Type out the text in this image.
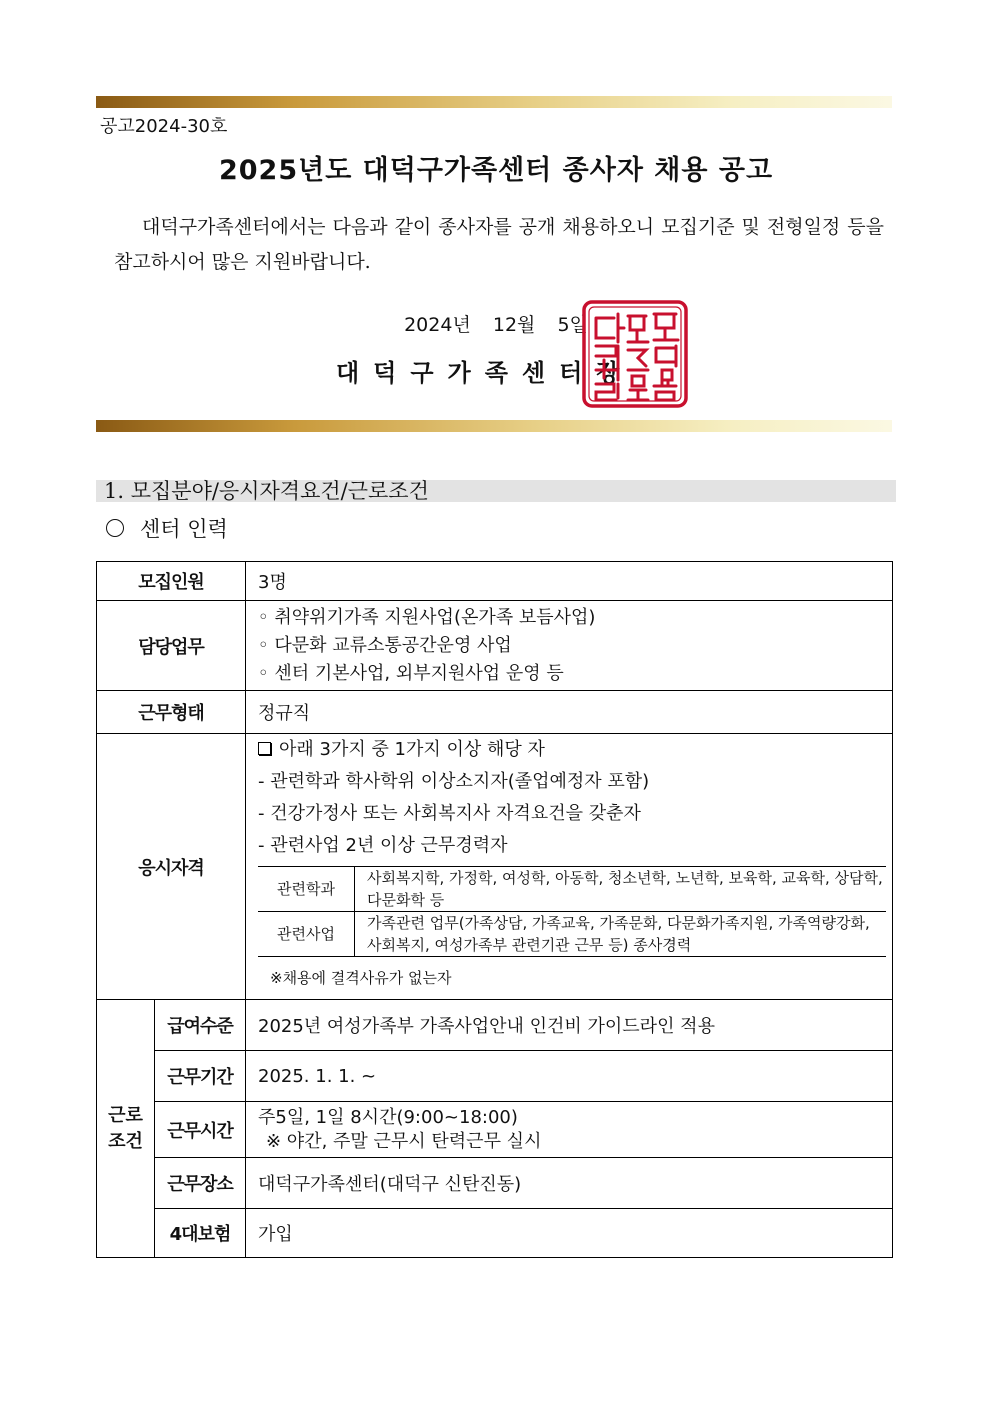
공고2024-30호
2025년도 대덕구가족센터 종사자 채용 공고
대덕구가족센터에서는 다음과 같이 종사자를 공개 채용하오니 모집기준 및 전형일정 등을 참고하시어 많은 지원바랍니다.
2024년 12월 5일
대덕구가족센터장
1. 모집분야/응시자격요건/근로조건
센터 인력
모집인원	3명
담당업무	
◦ 취약위기가족 지원사업(온가족 보듬사업)
◦ 다문화 교류소통공간운영 사업
◦ 센터 기본사업, 외부지원사업 운영 등

근무형태	정규직
응시자격	
아래 3가지 중 1가지 이상 해당 자
- 관련학과 학사학위 이상소지자(졸업예정자 포함)
- 건강가정사 또는 사회복지사 자격요건을 갖춘자
- 관련사업 2년 이상 근무경력자
관련학과	사회복지학, 가정학, 여성학, 아동학, 청소년학, 노년학, 보육학, 교육학, 상담학, 다문화학 등
관련사업	가족관련 업무(가족상담, 가족교육, 가족문화, 다문화가족지원, 가족역량강화, 사회복지, 여성가족부 관련기관 근무 등) 종사경력
※채용에 결격사유가 없는자

근로
조건
	급여수준	2025년 여성가족부 가족사업안내 인건비 가이드라인 적용
근무기간	2025. 1. 1. ~
근무시간	
주5일, 1일 8시간(9:00~18:00)
※ 야간, 주말 근무시 탄력근무 실시

근무장소	대덕구가족센터(대덕구 신탄진동)
4대보험	가입
